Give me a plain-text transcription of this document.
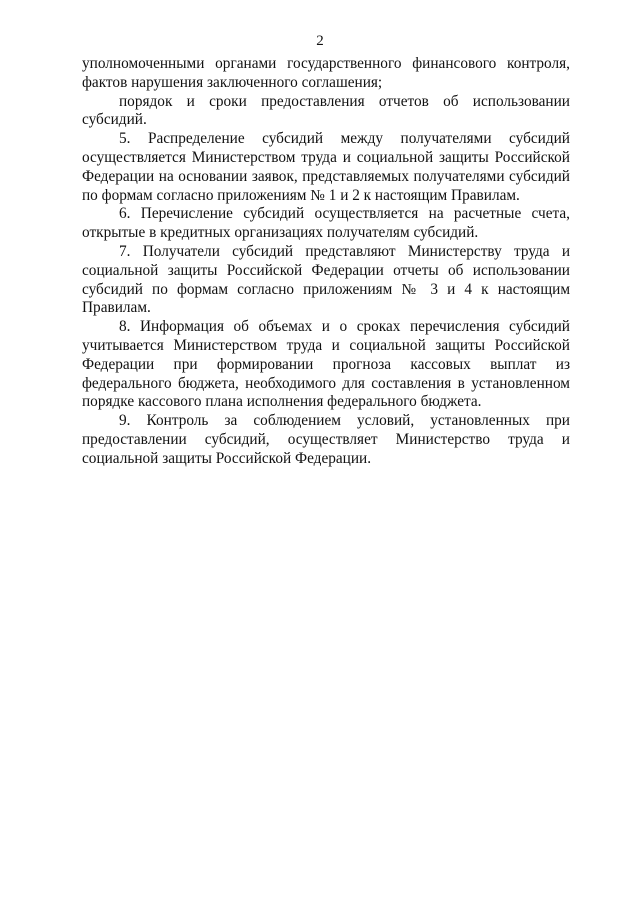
2

уполномоченными органами государственного финансового контроля, фактов нарушения заключенного соглашения;

порядок и сроки предоставления отчетов об использовании субсидий.

5. Распределение субсидий между получателями субсидий осуществляется Министерством труда и социальной защиты Российской Федерации на основании заявок, представляемых получателями субсидий по формам согласно приложениям № 1 и 2 к настоящим Правилам.

6. Перечисление субсидий осуществляется на расчетные счета, открытые в кредитных организациях получателям субсидий.

7. Получатели субсидий представляют Министерству труда и социальной защиты Российской Федерации отчеты об использовании субсидий по формам согласно приложениям № 3 и 4 к настоящим Правилам.

8. Информация об объемах и о сроках перечисления субсидий учитывается Министерством труда и социальной защиты Российской Федерации при формировании прогноза кассовых выплат из федерального бюджета, необходимого для составления в установленном порядке кассового плана исполнения федерального бюджета.

9. Контроль за соблюдением условий, установленных при предоставлении субсидий, осуществляет Министерство труда и социальной защиты Российской Федерации.
